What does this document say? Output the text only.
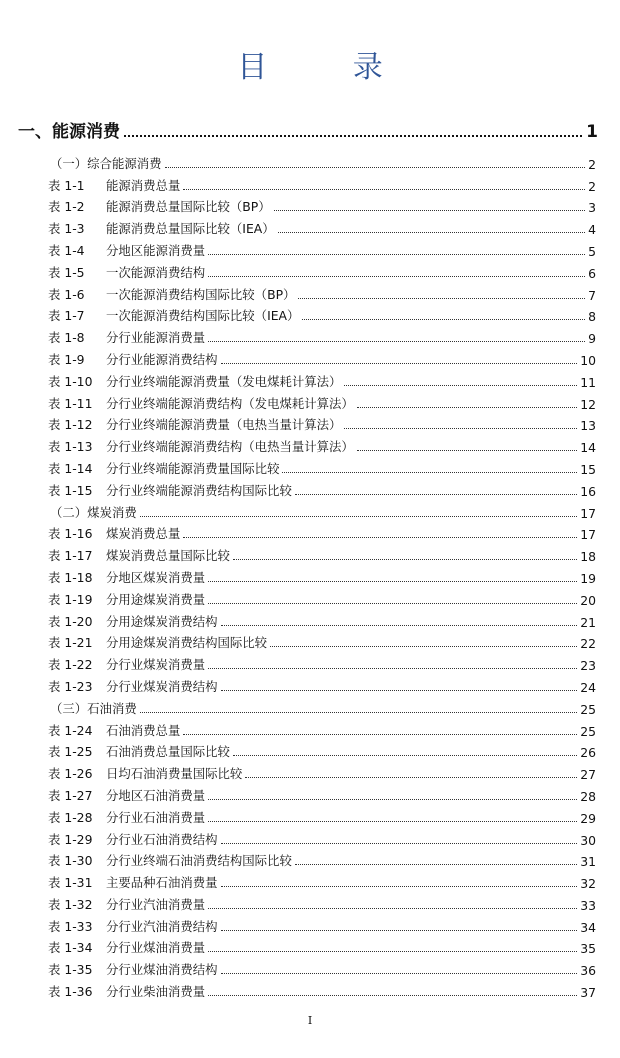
目 录
一、能源消费	1
（一）综合能源消费	2
表 1-1	能源消费总量	2
表 1-2	能源消费总量国际比较（BP）	3
表 1-3	能源消费总量国际比较（IEA）	4
表 1-4	分地区能源消费量	5
表 1-5	一次能源消费结构	6
表 1-6	一次能源消费结构国际比较（BP）	7
表 1-7	一次能源消费结构国际比较（IEA）	8
表 1-8	分行业能源消费量	9
表 1-9	分行业能源消费结构	10
表 1-10	分行业终端能源消费量（发电煤耗计算法）	11
表 1-11	分行业终端能源消费结构（发电煤耗计算法）	12
表 1-12	分行业终端能源消费量（电热当量计算法）	13
表 1-13	分行业终端能源消费结构（电热当量计算法）	14
表 1-14	分行业终端能源消费量国际比较	15
表 1-15	分行业终端能源消费结构国际比较	16
（二）煤炭消费	17
表 1-16	煤炭消费总量	17
表 1-17	煤炭消费总量国际比较	18
表 1-18	分地区煤炭消费量	19
表 1-19	分用途煤炭消费量	20
表 1-20	分用途煤炭消费结构	21
表 1-21	分用途煤炭消费结构国际比较	22
表 1-22	分行业煤炭消费量	23
表 1-23	分行业煤炭消费结构	24
（三）石油消费	25
表 1-24	石油消费总量	25
表 1-25	石油消费总量国际比较	26
表 1-26	日均石油消费量国际比较	27
表 1-27	分地区石油消费量	28
表 1-28	分行业石油消费量	29
表 1-29	分行业石油消费结构	30
表 1-30	分行业终端石油消费结构国际比较	31
表 1-31	主要品种石油消费量	32
表 1-32	分行业汽油消费量	33
表 1-33	分行业汽油消费结构	34
表 1-34	分行业煤油消费量	35
表 1-35	分行业煤油消费结构	36
表 1-36	分行业柴油消费量	37
I
